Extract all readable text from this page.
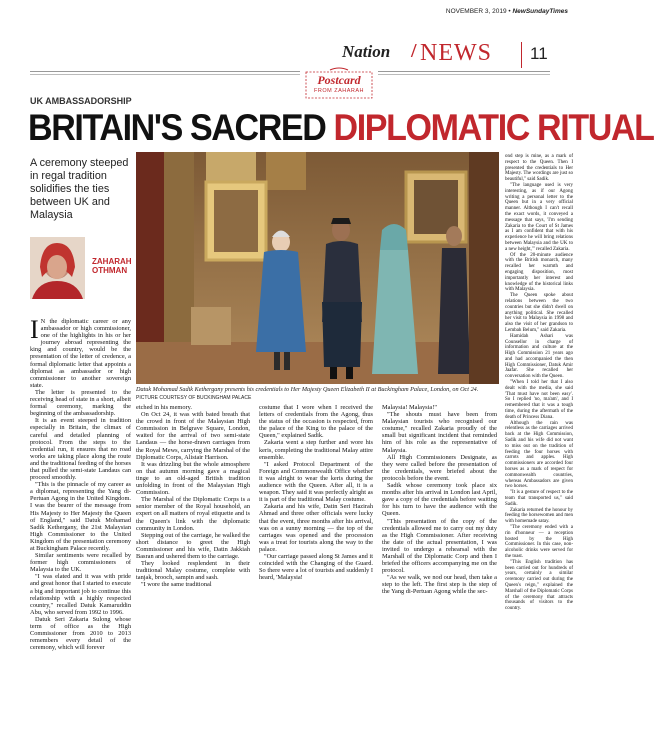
NOVEMBER 3, 2019 • NewSundayTimes
Nation / NEWS 11
Postcard
FROM ZAHARAH
UK AMBASSADORSHIP
BRITAIN'S SACRED DIPLOMATIC RITUAL
A ceremony steeped in regal tradition solidifies the ties between UK and Malaysia
ZAHARAH
OTHMAN
Datuk Mohamad Sadik Kethergany presents his credentials to Her Majesty Queen Elizabeth II at Buckingham Palace, London, on Oct 24. PICTURE COURTESY OF BUCKINGHAM PALACE

I N the diplomatic career or any ambassador or high commissioner, one of the highlights in his or her journey abroad representing the king and country, would be the presentation of the letter of credence, a formal diplomatic letter that appoints a diplomat as ambassador or high commissioner to another sovereign state.

The letter is presented to the receiving head of state in a short, albeit formal ceremony, marking the beginning of the ambassadorship.

It is an event steeped in tradition especially in Britain, the climax of careful and detailed planning of protocol. From the steps to the credential run, it ensures that no road works are taking place along the route and the traditional feeding of the horses that pulled the semi-state Landaus can proceed smoothly.

"This is the pinnacle of my career as a diplomat, representing the Yang di-Pertuan Agong in the United Kingdom. I was the bearer of the message from His Majesty to Her Majesty the Queen of England," said Datuk Mohamad Sadik Kethergany, the 21st Malaysian High Commissioner to the United Kingdom of the presentation ceremony at Buckingham Palace recently.

Similar sentiments were recalled by former high commissioners of Malaysia to the UK.

"I was elated and it was with pride and great honor that I started to execute a big and important job to continue this relationship with a highly respected country," recalled Datuk Kamaruddin Abu, who served from 1992 to 1996.

Datuk Seri Zakaria Sulong whose term of office as the High Commissioner from 2010 to 2013 remembers every detail of the ceremony, which will forever

etched in his memory.

On Oct 24, it was with bated breath that the crowd in front of the Malaysian High Commission in Belgrave Square, London, waited for the arrival of two semi-state Landaus — the horse-drawn carriages from the Royal Mews, carrying the Marshal of the Diplomatic Corps, Alistair Harrison.

It was drizzling but the whole atmosphere on that autumn morning gave a magical tinge to an old-aged British tradition unfolding in front of the Malaysian High Commission.

The Marshal of the Diplomatic Corps is a senior member of the Royal household, an expert on all matters of royal etiquette and is the Queen's link with the diplomatic community in London.

Stepping out of the carriage, he walked the short distance to greet the High Commissioner and his wife, Datin Jakkiah Basran and ushered them to the carriage.

They looked resplendent in their traditional Malay costume, complete with tanjak, brooch, sampin and sash.

"I wore the same traditional

costume that I wore when I received the letters of credentials from the Agong, thus the status of the occasion is respected, from the palace of the King to the palace of the Queen," explained Sadik.

Zakaria went a step further and wore his keris, completing the traditional Malay attire ensemble.

"I asked Protocol Department of the Foreign and Commonwealth Office whether it was alright to wear the keris during the audience with the Queen. After all, it is a weapon. They said it was perfectly alright as it is part of the traditional Malay costume.

Zakaria and his wife, Datin Seri Hazirah Ahmad and three other officials were lucky that the event, three months after his arrival, was on a sunny morning — the top of the carriages was opened and the procession was a treat for tourists along the way to the palace.

"Our carriage passed along St James and it coincided with the Changing of the Guard. So there were a lot of tourists and suddenly I heard, 'Malaysia!

Malaysia! Malaysia!"

"The shouts must have been from Malaysian tourists who recognised our costume," recalled Zakaria proudly of the small but significant incident that reminded him of his role as the representative of Malaysia.

All High Commissioners Designate, as they were called before the presentation of the credentials, were briefed about the protocols before the event.

Sadik whose ceremony took place six months after his arrival in London last April, gave a copy of the credentials before waiting for his turn to have the audience with the Queen.

"This presentation of the copy of the credentials allowed me to carry out my duty as the High Commissioner. After receiving the date of the actual presentation, I was invited to undergo a rehearsal with the Marshall of the Diplomatic Corp and then I briefed the officers accompanying me on the protocol.

"As we walk, we nod our head, then take a step to the left. The first step is the step of the Yang di-Pertuan Agong while the sec-

ond step is mine, as a mark of respect to the Queen. Then I presented the credentials to Her Majesty. The wordings are just so beautiful," said Sadik.

"The language used is very interesting, as if our Agong writing a personal letter to the Queen but in a very official manner. Although I can't recall the exact words, it conveyed a message that says, 'I'm sending Zakaria to the Court of St James as I am confident that with his experience he will bring relations between Malaysia and the UK to a new height,'" recalled Zakaria.

Of the 20-minute audience with the British monarch, many recalled her warmth and engaging disposition, most importantly her interest and knowledge of the historical links with Malaysia.

The Queen spoke about relations between the two countries but she didn't dwell on anything political. She recalled her visit to Malaysia in 1998 and also the visit of her grandson to Lembah Belum," said Zakaria.

Hamidah Ashari was Counsellor in charge of information and culture at the High Commission 21 years ago and had accompanied the then High Commissioner, Datuk Amir Jaafar. She recalled her conversation with the Queen.

"When I told her that I also dealt with the media, she said 'That must have not been easy'. So I replied 'no, ma'am', and I remembered that it was a tough time, during the aftermath of the death of Princess Diana.

Although the rain was relentless as the carriages arrived back at the High Commission, Sadik and his wife did not want to miss out on the tradition of feeding the four horses with carrots and apples. High commissioners are accorded four horses as a mark of respect for commonwealth countries, whereas Ambassadors are given two horses.

"It is a gesture of respect to the team that transported us," said Sadik.

Zakaria returned the honour by feeding the horsewomen and men with homemade satay.

"The ceremony ended with a rin d'honneur — a reception hosted by the High Commissioner. In this case, non-alcoholic drinks were served for the toast.

"This English tradition has been carried out for hundreds of years, certainly a similar ceremony carried out during the Queen's reign," explained the Marshall of the Diplomatic Corps of the ceremony that attracts thousands of visitors to the country.
